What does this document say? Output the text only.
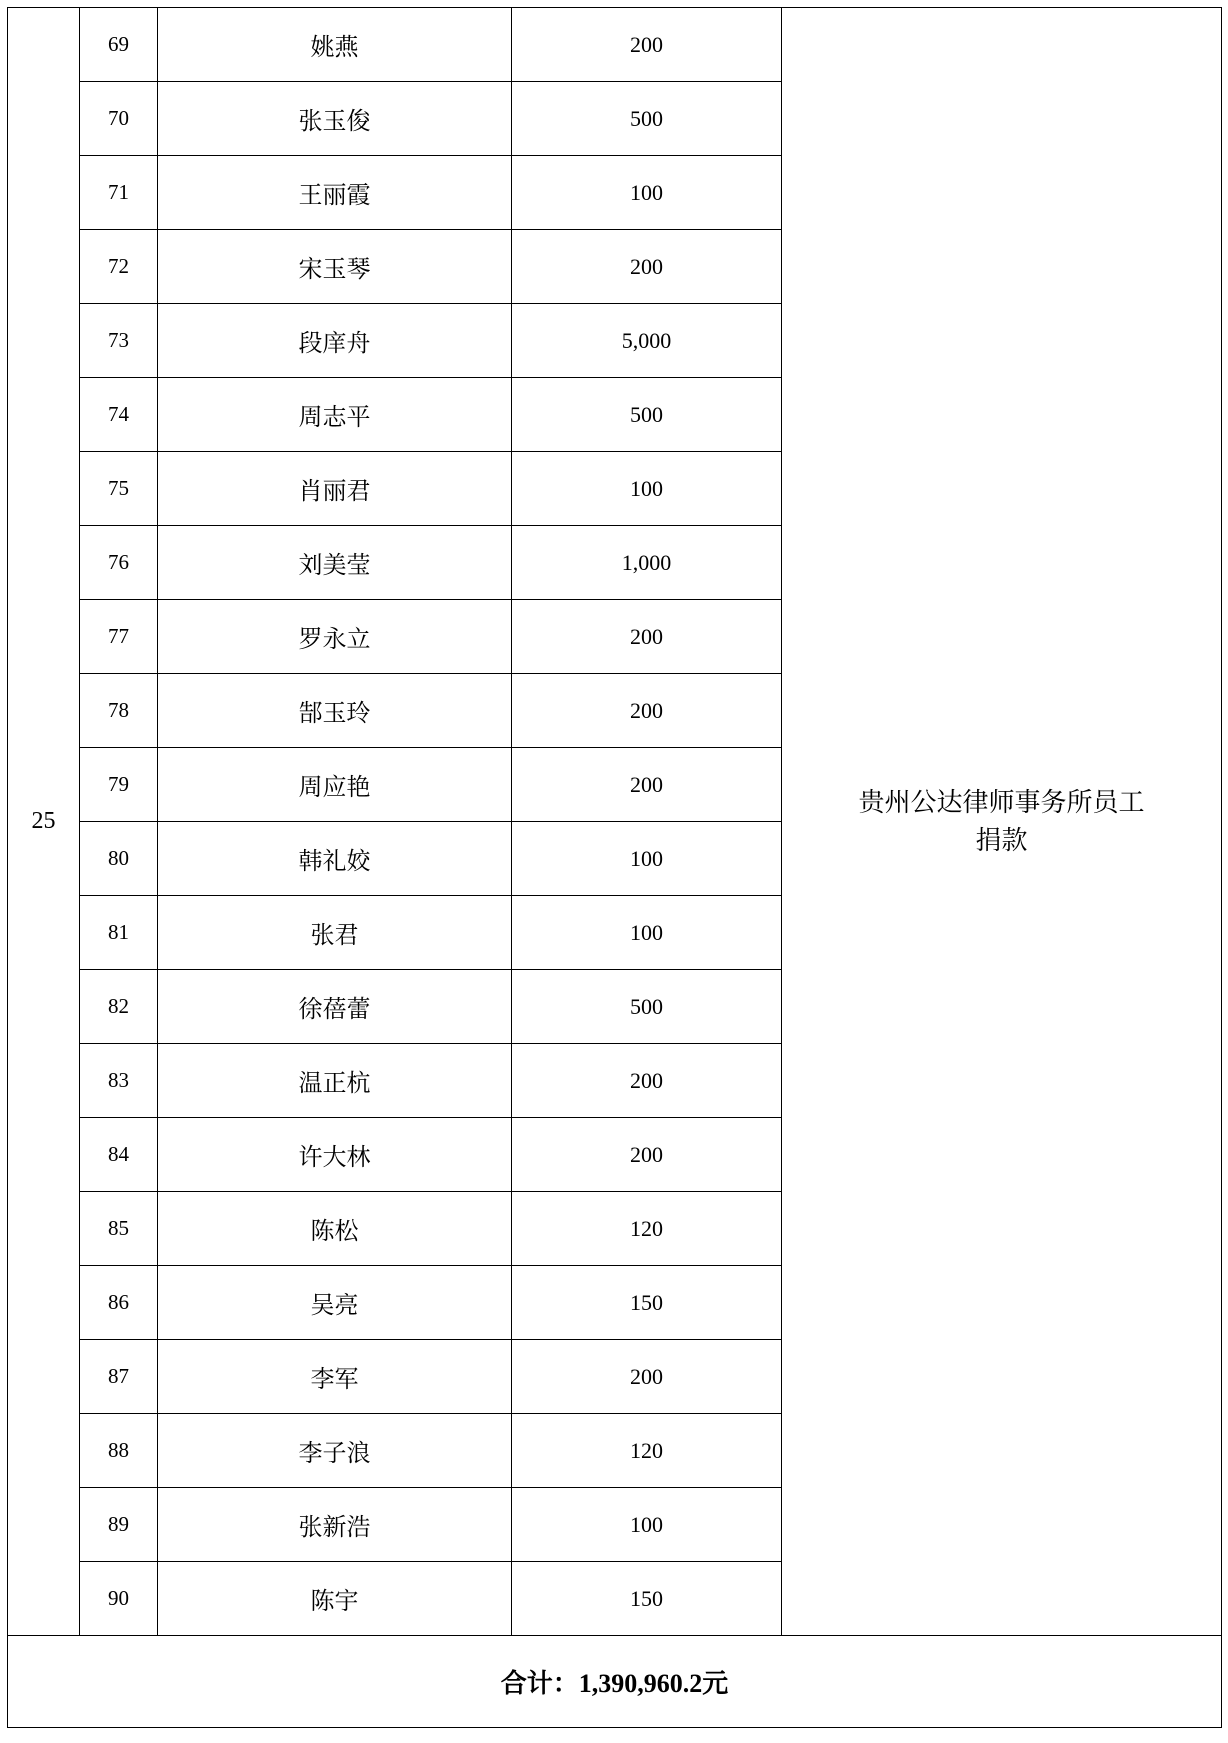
25	69	姚燕	200	贵州公达律师事务所员工捐款
	70	张玉俊	500	
	71	王丽霞	100	
	72	宋玉琴	200	
	73	段庠舟	5,000	
	74	周志平	500	
	75	肖丽君	100	
	76	刘美莹	1,000	
	77	罗永立	200	
	78	郜玉玲	200	
	79	周应艳	200	
	80	韩礼姣	100	
	81	张君	100	
	82	徐蓓蕾	500	
	83	温正杭	200	
	84	许大林	200	
	85	陈松	120	
	86	吴亮	150	
	87	李军	200	
	88	李子浪	120	
	89	张新浩	100	
	90	陈宇	150	
合计：1,390,960.2元				
